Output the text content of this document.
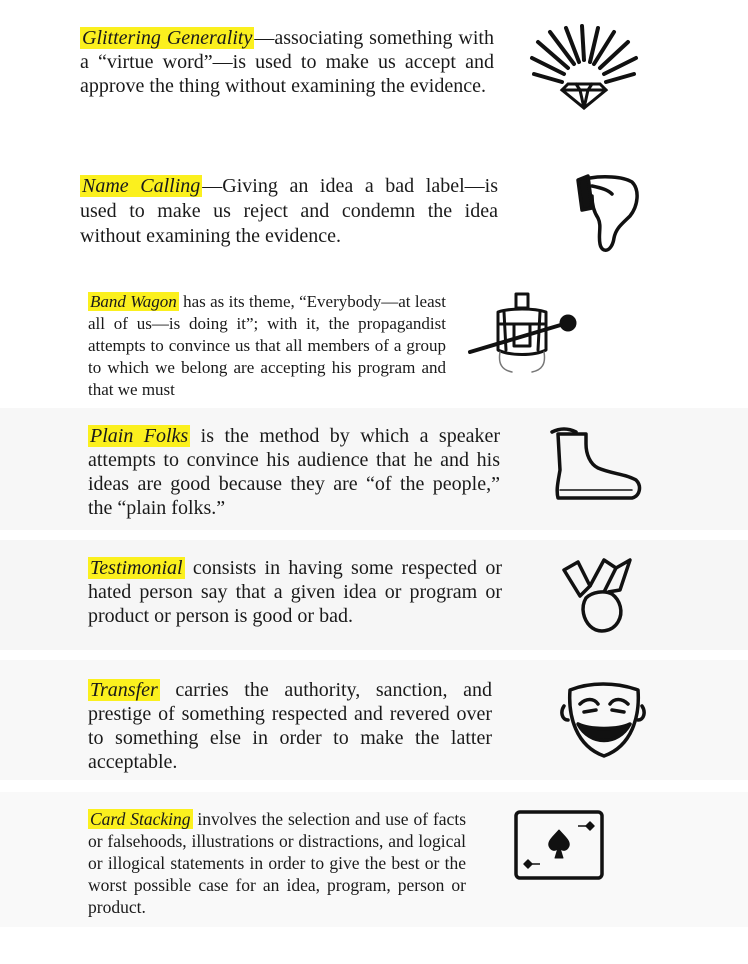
Glittering Generality —associating something with a “virtue word”—is used to make us accept and approve the thing without examining the evidence.

Name Calling —Giving an idea a bad label—is used to make us reject and condemn the idea without examining the evidence.

Band Wagon has as its theme, “Everybody—at least all of us—is doing it”; with it, the propagandist attempts to convince us that all members of a group to which we belong are accepting his program and that we must

Plain Folks is the method by which a speaker attempts to convince his audience that he and his ideas are good because they are “of the people,” the “plain folks.”

Testimonial consists in having some respected or hated person say that a given idea or program or product or person is good or bad.

Transfer carries the authority, sanction, and prestige of something respected and revered over to something else in order to make the latter acceptable.

Card Stacking involves the selection and use of facts or falsehoods, illustrations or distractions, and logical or illogical statements in order to give the best or the worst possible case for an idea, program, person or product.
